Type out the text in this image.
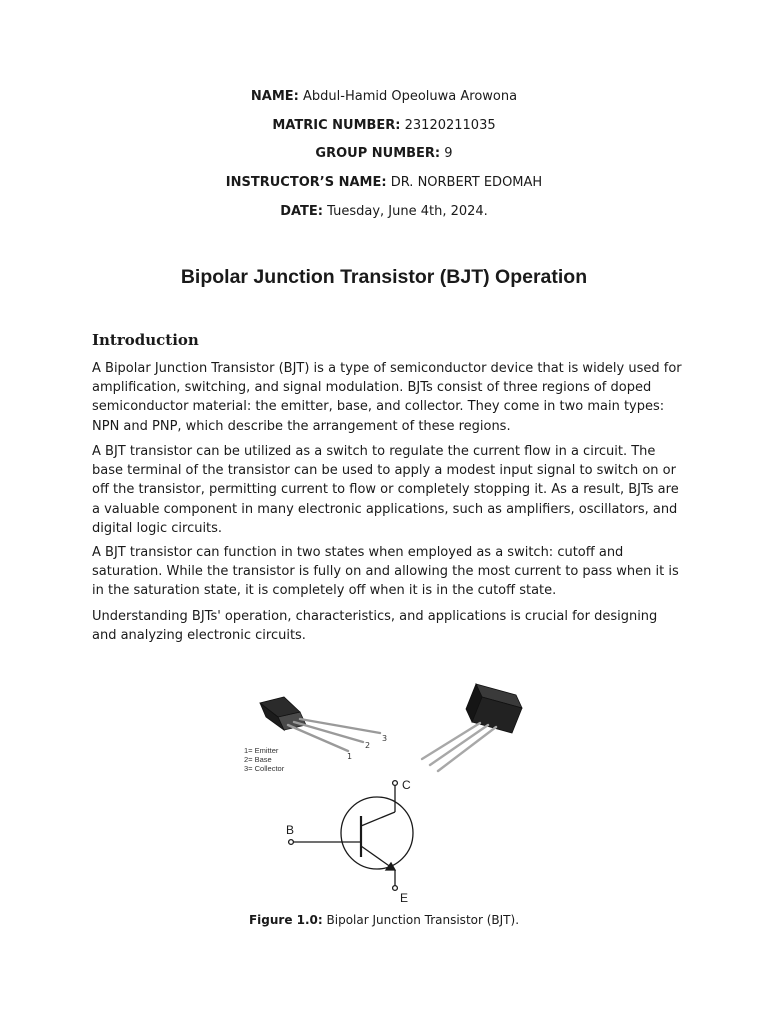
NAME: Abdul-Hamid Opeoluwa Arowona
MATRIC NUMBER: 23120211035
GROUP NUMBER: 9
INSTRUCTOR’S NAME: DR. NORBERT EDOMAH
DATE: Tuesday, June 4th, 2024.
Bipolar Junction Transistor (BJT) Operation
Introduction
A Bipolar Junction Transistor (BJT) is a type of semiconductor device that is widely used for amplification, switching, and signal modulation. BJTs consist of three regions of doped semiconductor material: the emitter, base, and collector. They come in two main types: NPN and PNP, which describe the arrangement of these regions.
A BJT transistor can be utilized as a switch to regulate the current flow in a circuit. The base terminal of the transistor can be used to apply a modest input signal to switch on or off the transistor, permitting current to flow or completely stopping it. As a result, BJTs are a valuable component in many electronic applications, such as amplifiers, oscillators, and digital logic circuits.
A BJT transistor can function in two states when employed as a switch: cutoff and saturation. While the transistor is fully on and allowing the most current to pass when it is in the saturation state, it is completely off when it is in the cutoff state.
Understanding BJTs' operation, characteristics, and applications is crucial for designing and analyzing electronic circuits.
1
2
3
1= Emitter
2= Base
3= Collector
B
C
E
Figure 1.0: Bipolar Junction Transistor (BJT).
